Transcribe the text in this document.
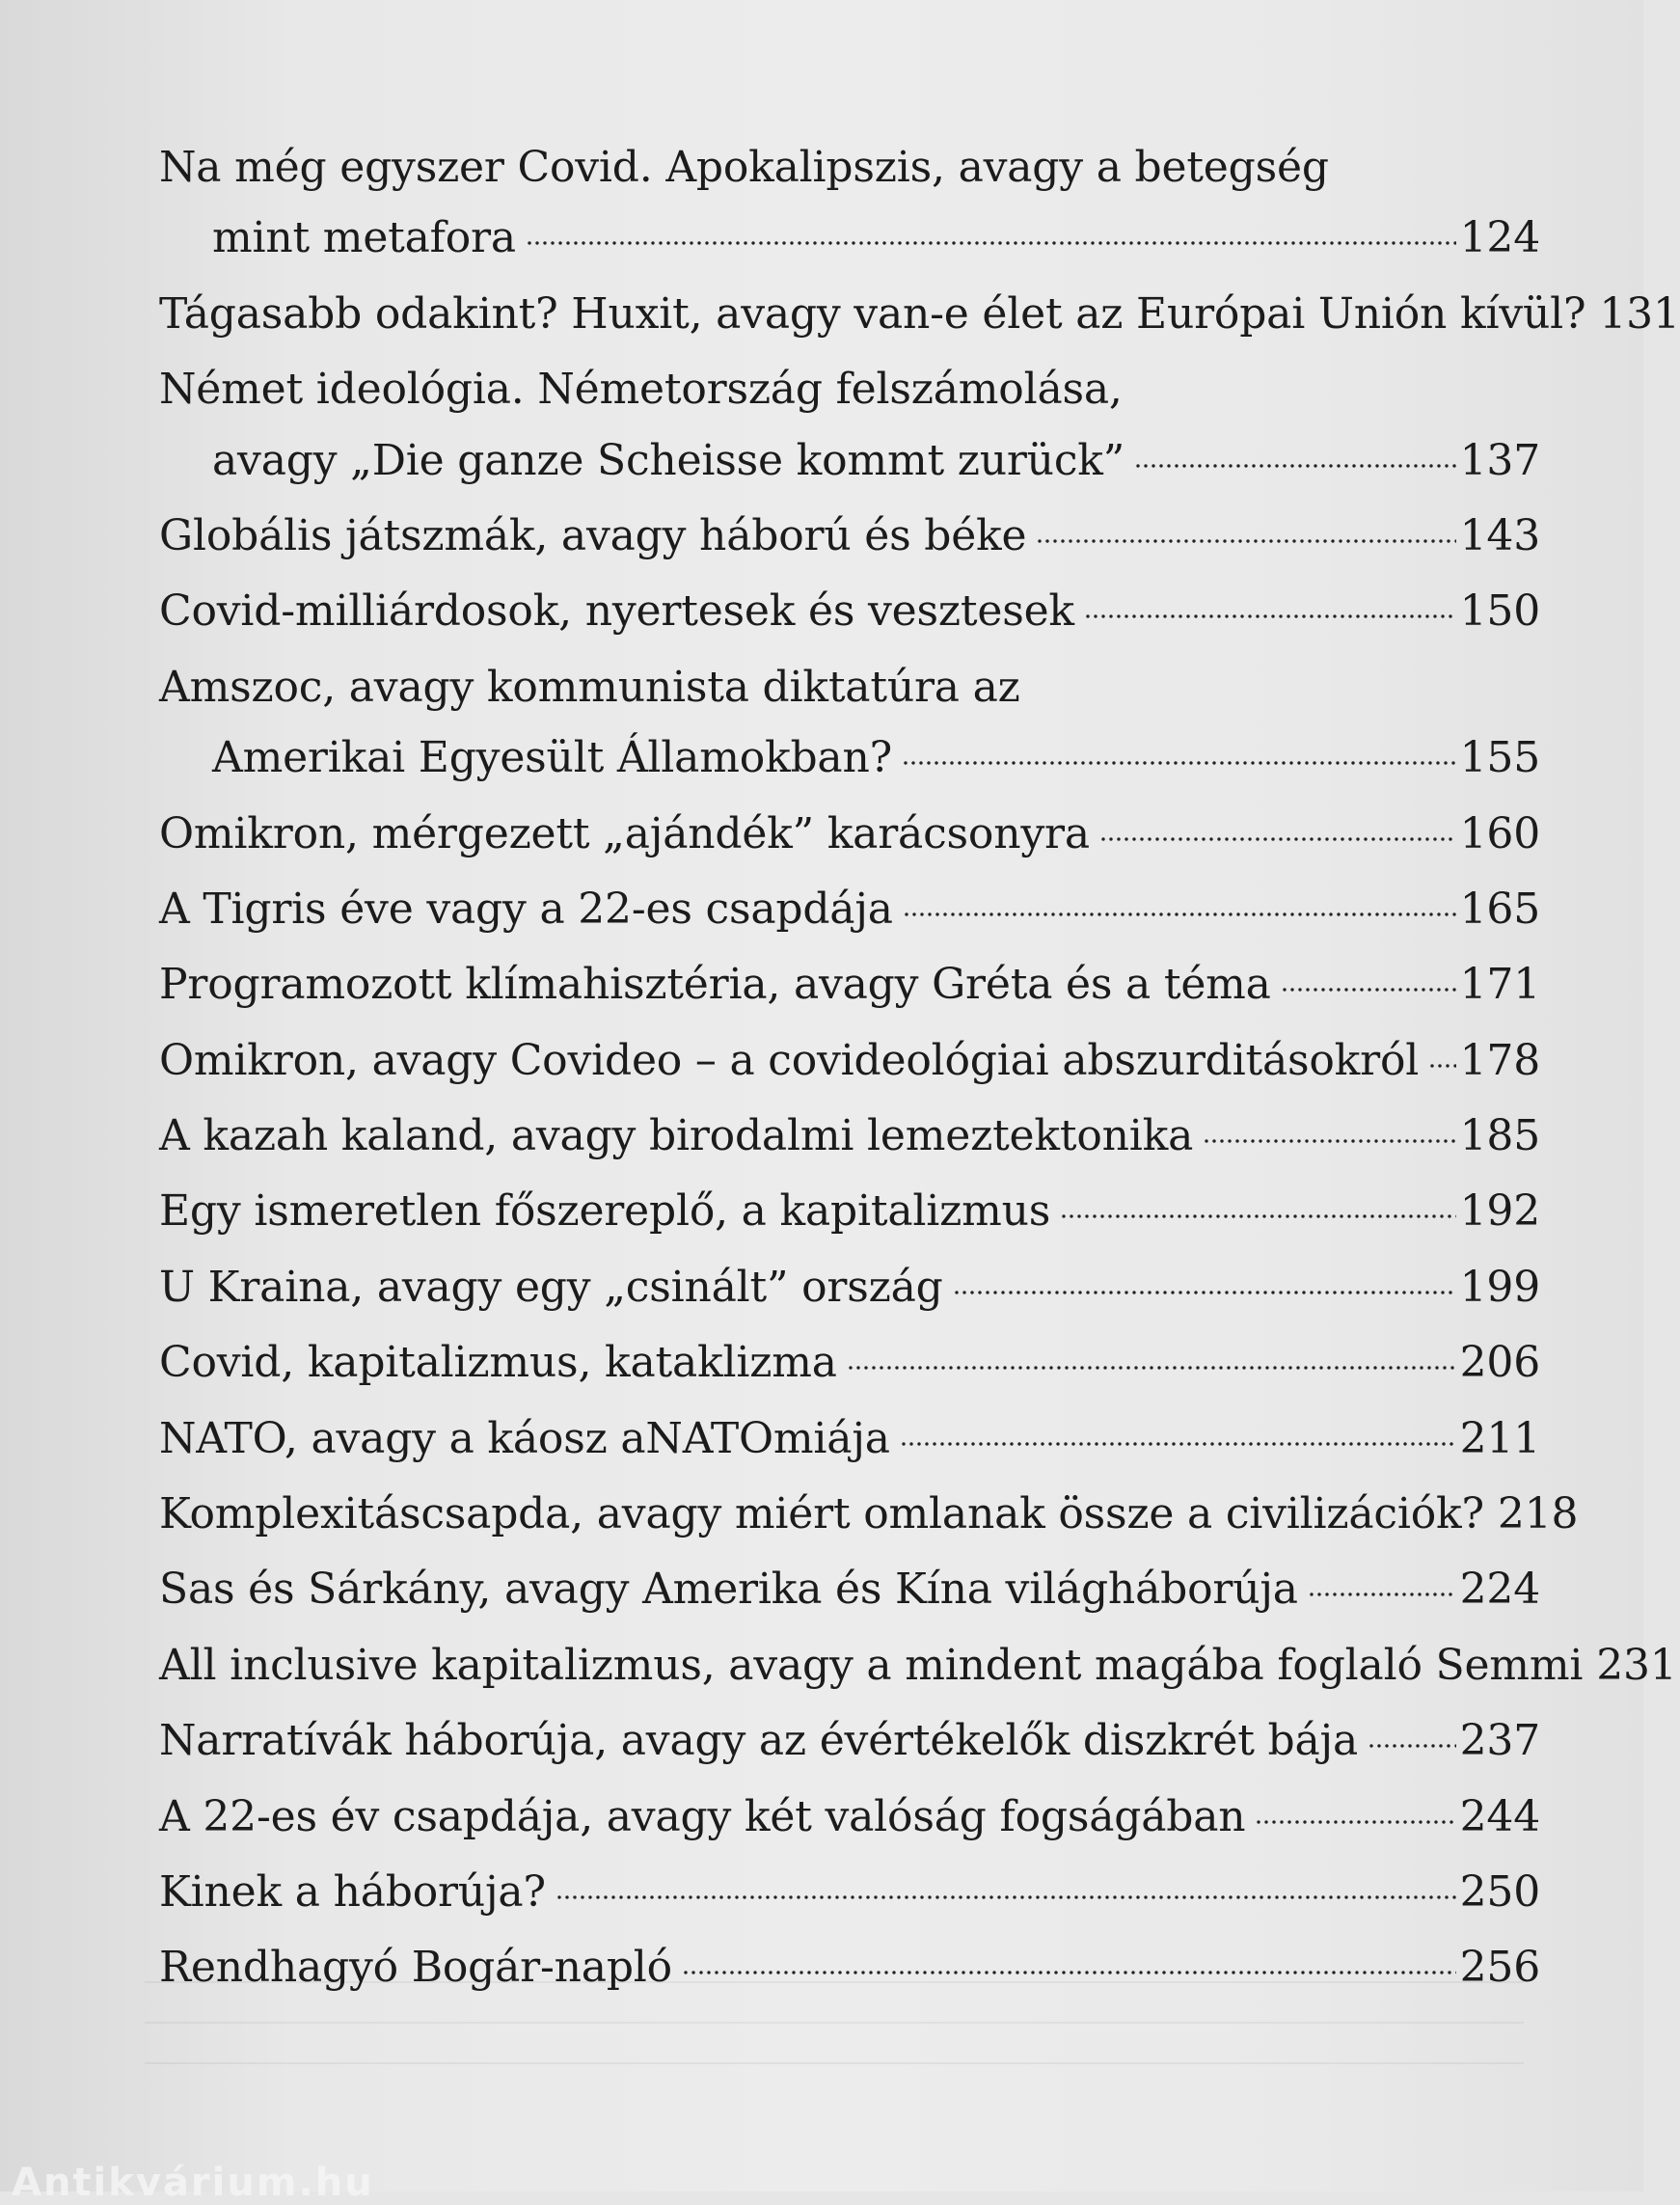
Na még egyszer Covid. Apokalipszis, avagy a betegség
mint metafora	124
Tágasabb odakint? Huxit, avagy van-e élet az Európai Unión kívül? 131
Német ideológia. Németország felszámolása,
avagy „Die ganze Scheisse kommt zurück”	137
Globális játszmák, avagy háború és béke	143
Covid-milliárdosok, nyertesek és vesztesek	150
Amszoc, avagy kommunista diktatúra az
Amerikai Egyesült Államokban?	155
Omikron, mérgezett „ajándék” karácsonyra	160
A Tigris éve vagy a 22-es csapdája	165
Programozott klímahisztéria, avagy Gréta és a téma	171
Omikron, avagy Covideo – a covideológiai abszurditásokról 178
A kazah kaland, avagy birodalmi lemeztektonika	185
Egy ismeretlen főszereplő, a kapitalizmus	192
U Kraina, avagy egy „csinált” ország	199
Covid, kapitalizmus, kataklizma	206
NATO, avagy a káosz aNATOmiája	211
Komplexitáscsapda, avagy miért omlanak össze a civilizációk? 218
Sas és Sárkány, avagy Amerika és Kína világháborúja	224
All inclusive kapitalizmus, avagy a mindent magába foglaló Semmi 231
Narratívák háborúja, avagy az évértékelők diszkrét bája 237
A 22-es év csapdája, avagy két valóság fogságában	244
Kinek a háborúja?	250
Rendhagyó Bogár-napló	256
Antikvárium.hu
